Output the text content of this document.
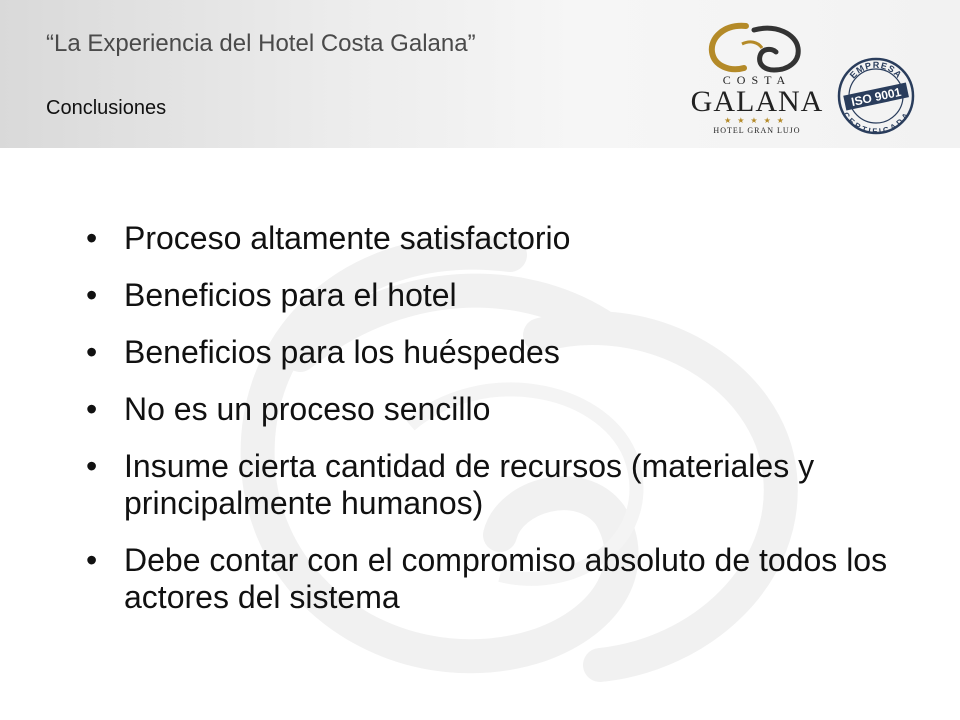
“La Experiencia del Hotel Costa Galana”
Conclusiones
COSTA
GALANA
★★★★★
HOTEL GRAN LUJO
EMPRESA
CERTIFICADA
ISO 9001
• Proceso altamente satisfactorio
• Beneficios para el hotel
• Beneficios para los huéspedes
• No es un proceso sencillo
• Insume cierta cantidad de recursos (materiales y principalmente humanos)
• Debe contar con el compromiso absoluto de todos los actores del sistema
